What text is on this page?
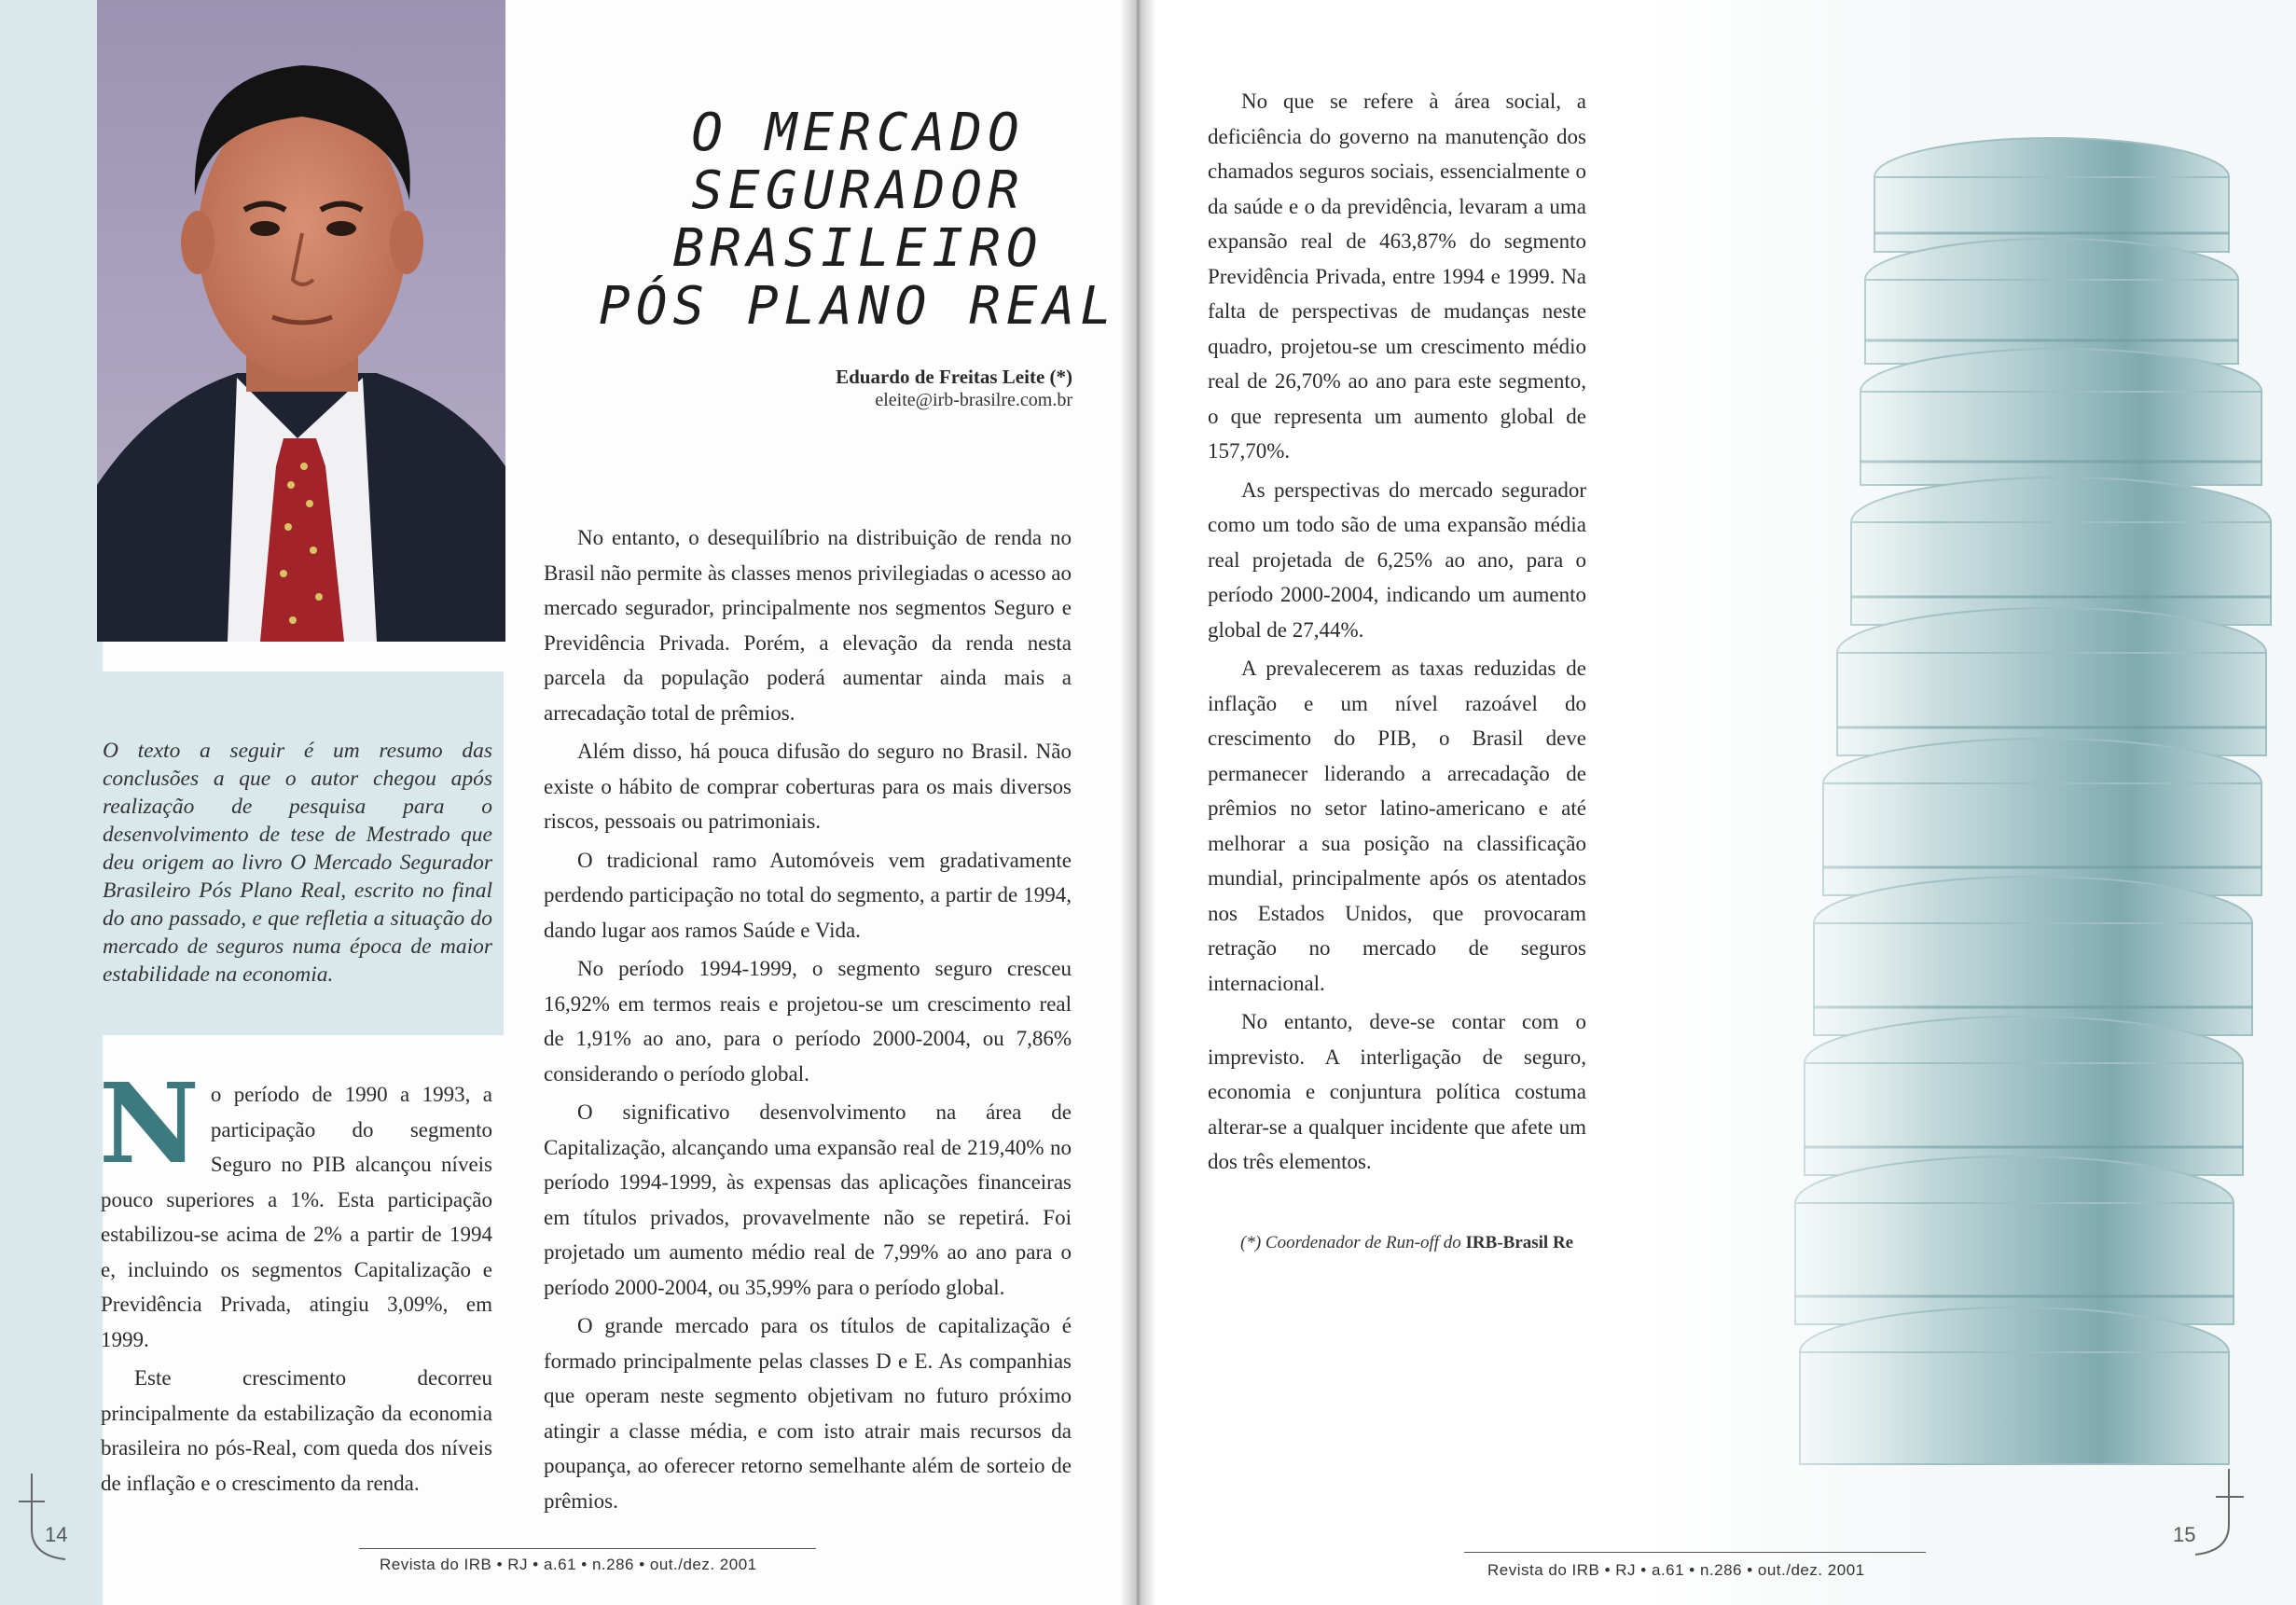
O MERCADO
SEGURADOR
BRASILEIRO
PÓS PLANO REAL
Eduardo de Freitas Leite (*)
eleite@irb-brasilre.com.br
O texto a seguir é um resumo das conclusões a que o autor chegou após realização de pesquisa para o desenvolvimento de tese de Mestrado que deu origem ao livro O Mercado Segurador Brasileiro Pós Plano Real, escrito no final do ano passado, e que refletia a situação do mercado de seguros numa época de maior estabilidade na economia.

No período de 1990 a 1993, a participação do segmento Seguro no PIB alcançou níveis pouco superiores a 1%. Esta participação estabilizou-se acima de 2% a partir de 1994 e, incluindo os segmentos Capitalização e Previdência Privada, atingiu 3,09%, em 1999.

Este crescimento decorreu principalmente da estabilização da economia brasileira no pós-Real, com queda dos níveis de inflação e o crescimento da renda.

No entanto, o desequilíbrio na distribuição de renda no Brasil não permite às classes menos privilegiadas o acesso ao mercado segurador, principalmente nos segmentos Seguro e Previdência Privada. Porém, a elevação da renda nesta parcela da população poderá aumentar ainda mais a arrecadação total de prêmios.

Além disso, há pouca difusão do seguro no Brasil. Não existe o hábito de comprar coberturas para os mais diversos riscos, pessoais ou patrimoniais.

O tradicional ramo Automóveis vem gradativamente perdendo participação no total do segmento, a partir de 1994, dando lugar aos ramos Saúde e Vida.

No período 1994-1999, o segmento seguro cresceu 16,92% em termos reais e projetou-se um crescimento real de 1,91% ao ano, para o período 2000-2004, ou 7,86% considerando o período global.

O significativo desenvolvimento na área de Capitalização, alcançando uma expansão real de 219,40% no período 1994-1999, às expensas das aplicações financeiras em títulos privados, provavelmente não se repetirá. Foi projetado um aumento médio real de 7,99% ao ano para o período 2000-2004, ou 35,99% para o período global.

O grande mercado para os títulos de capitalização é formado principalmente pelas classes D e E. As companhias que operam neste segmento objetivam no futuro próximo atingir a classe média, e com isto atrair mais recursos da poupança, ao oferecer retorno semelhante além de sorteio de prêmios.

14
Revista do IRB • RJ • a.61 • n.286 • out./dez. 2001

No que se refere à área social, a deficiência do governo na manutenção dos chamados seguros sociais, essencialmente o da saúde e o da previdência, levaram a uma expansão real de 463,87% do segmento Previdência Privada, entre 1994 e 1999. Na falta de perspectivas de mudanças neste quadro, projetou-se um crescimento médio real de 26,70% ao ano para este segmento, o que representa um aumento global de 157,70%.

As perspectivas do mercado segurador como um todo são de uma expansão média real projetada de 6,25% ao ano, para o período 2000-2004, indicando um aumento global de 27,44%.

A prevalecerem as taxas reduzidas de inflação e um nível razoável do crescimento do PIB, o Brasil deve permanecer liderando a arrecadação de prêmios no setor latino-americano e até melhorar a sua posição na classificação mundial, principalmente após os atentados nos Estados Unidos, que provocaram retração no mercado de seguros internacional.

No entanto, deve-se contar com o imprevisto. A interligação de seguro, economia e conjuntura política costuma alterar-se a qualquer incidente que afete um dos três elementos.

(*) Coordenador de Run-off do IRB-Brasil Re
Revista do IRB • RJ • a.61 • n.286 • out./dez. 2001
15
